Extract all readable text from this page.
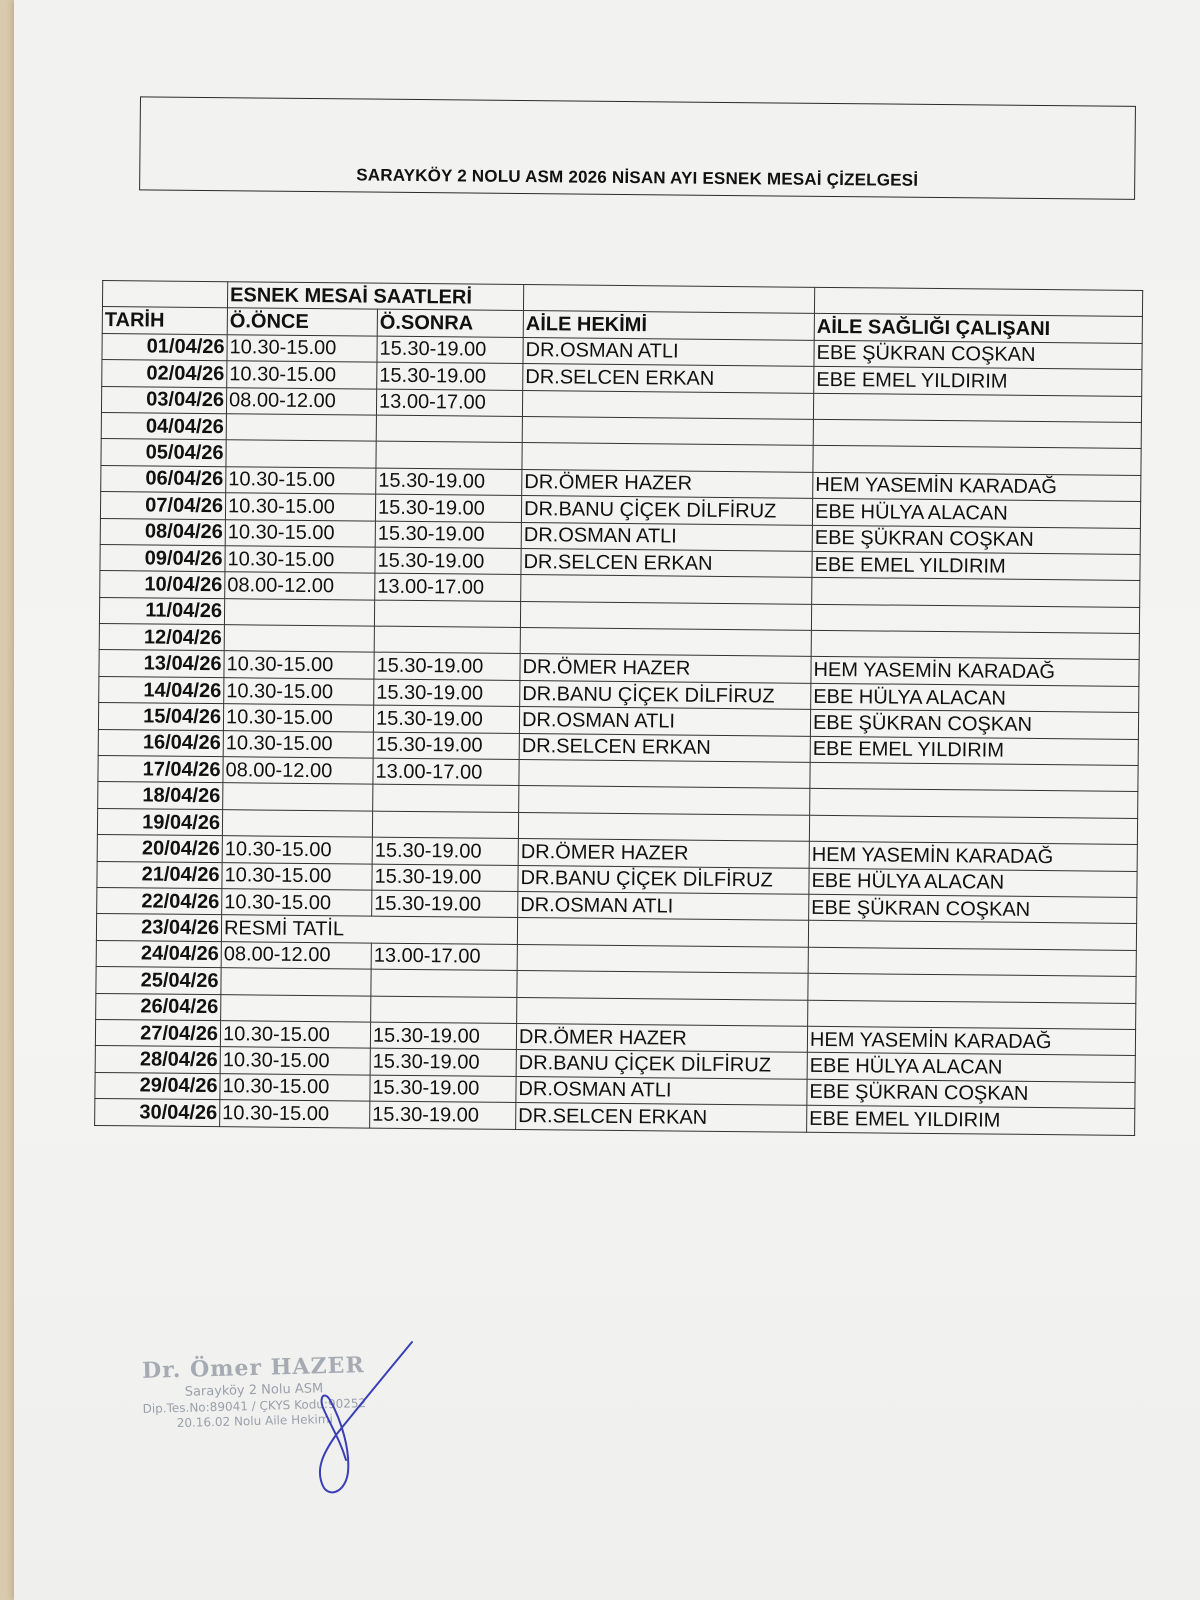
SARAYKÖY 2 NOLU ASM 2026 NİSAN AYI ESNEK MESAİ ÇİZELGESİ
	ESNEK MESAİ SAATLERİ			
TARİH	Ö.ÖNCE	Ö.SONRA	AİLE HEKİMİ	AİLE SAĞLIĞI ÇALIŞANI
01/04/26	10.30-15.00	15.30-19.00	DR.OSMAN ATLI	EBE ŞÜKRAN COŞKAN
02/04/26	10.30-15.00	15.30-19.00	DR.SELCEN ERKAN	EBE EMEL YILDIRIM
03/04/26	08.00-12.00	13.00-17.00		
04/04/26				
05/04/26				
06/04/26	10.30-15.00	15.30-19.00	DR.ÖMER HAZER	HEM YASEMİN KARADAĞ
07/04/26	10.30-15.00	15.30-19.00	DR.BANU ÇİÇEK DİLFİRUZ	EBE HÜLYA ALACAN
08/04/26	10.30-15.00	15.30-19.00	DR.OSMAN ATLI	EBE ŞÜKRAN COŞKAN
09/04/26	10.30-15.00	15.30-19.00	DR.SELCEN ERKAN	EBE EMEL YILDIRIM
10/04/26	08.00-12.00	13.00-17.00		
11/04/26				
12/04/26				
13/04/26	10.30-15.00	15.30-19.00	DR.ÖMER HAZER	HEM YASEMİN KARADAĞ
14/04/26	10.30-15.00	15.30-19.00	DR.BANU ÇİÇEK DİLFİRUZ	EBE HÜLYA ALACAN
15/04/26	10.30-15.00	15.30-19.00	DR.OSMAN ATLI	EBE ŞÜKRAN COŞKAN
16/04/26	10.30-15.00	15.30-19.00	DR.SELCEN ERKAN	EBE EMEL YILDIRIM
17/04/26	08.00-12.00	13.00-17.00		
18/04/26				
19/04/26				
20/04/26	10.30-15.00	15.30-19.00	DR.ÖMER HAZER	HEM YASEMİN KARADAĞ
21/04/26	10.30-15.00	15.30-19.00	DR.BANU ÇİÇEK DİLFİRUZ	EBE HÜLYA ALACAN
22/04/26	10.30-15.00	15.30-19.00	DR.OSMAN ATLI	EBE ŞÜKRAN COŞKAN
23/04/26	RESMİ TATİL			
24/04/26	08.00-12.00	13.00-17.00		
25/04/26				
26/04/26				
27/04/26	10.30-15.00	15.30-19.00	DR.ÖMER HAZER	HEM YASEMİN KARADAĞ
28/04/26	10.30-15.00	15.30-19.00	DR.BANU ÇİÇEK DİLFİRUZ	EBE HÜLYA ALACAN
29/04/26	10.30-15.00	15.30-19.00	DR.OSMAN ATLI	EBE ŞÜKRAN COŞKAN
30/04/26	10.30-15.00	15.30-19.00	DR.SELCEN ERKAN	EBE EMEL YILDIRIM
Dr. Ömer HAZER
Sarayköy 2 Nolu ASM
Dip.Tes.No:89041 / ÇKYS Kodu:90252
20.16.02 Nolu Aile Hekimi
